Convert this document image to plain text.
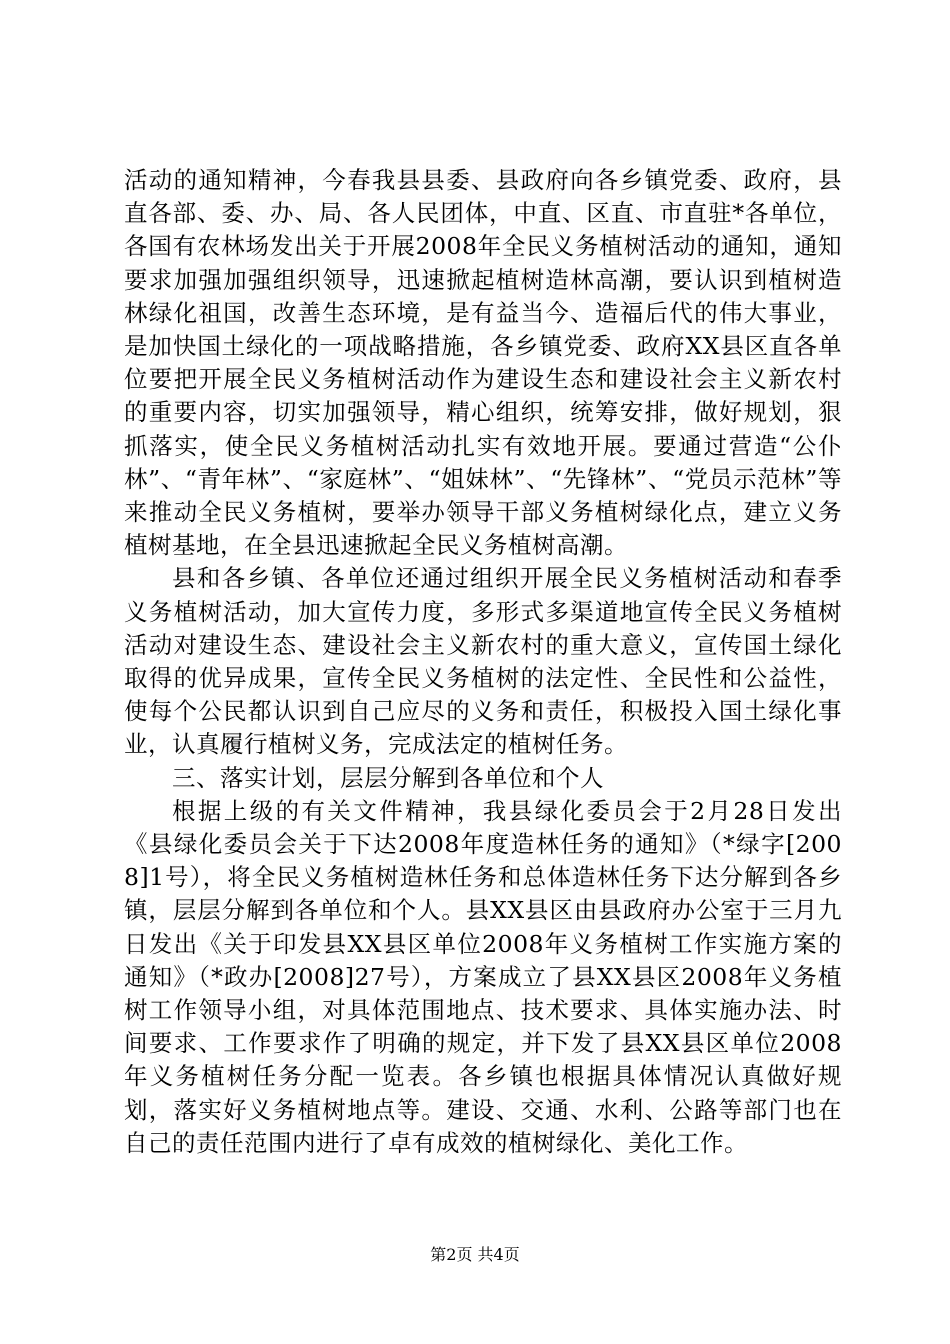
活动的通知精神，今春我县县委、县政府向各乡镇党委、政府，县直各部、委、办、局、各人民团体，中直、区直、市直驻*各单位，各国有农林场发出关于开展2008年全民义务植树活动的通知，通知要求加强加强组织领导，迅速掀起植树造林高潮，要认识到植树造林绿化祖国，改善生态环境，是有益当今、造福后代的伟大事业，是加快国土绿化的一项战略措施，各乡镇党委、政府XX县区直各单位要把开展全民义务植树活动作为建设生态和建设社会主义新农村的重要内容，切实加强领导，精心组织，统筹安排，做好规划，狠抓落实，使全民义务植树活动扎实有效地开展。要通过营造“公仆林”、“青年林”、“家庭林”、“姐妹林”、“先锋林”、“党员示范林”等来推动全民义务植树，要举办领导干部义务植树绿化点，建立义务植树基地，在全县迅速掀起全民义务植树高潮。

县和各乡镇、各单位还通过组织开展全民义务植树活动和春季义务植树活动，加大宣传力度，多形式多渠道地宣传全民义务植树活动对建设生态、建设社会主义新农村的重大意义，宣传国土绿化取得的优异成果，宣传全民义务植树的法定性、全民性和公益性，使每个公民都认识到自己应尽的义务和责任，积极投入国土绿化事业，认真履行植树义务，完成法定的植树任务。

三、落实计划，层层分解到各单位和个人

根据上级的有关文件精神，我县绿化委员会于2月28日发出《县绿化委员会关于下达2008年度造林任务的通知》（*绿字[2008]1号），将全民义务植树造林任务和总体造林任务下达分解到各乡镇，层层分解到各单位和个人。县XX县区由县政府办公室于三月九日发出《关于印发县XX县区单位2008年义务植树工作实施方案的通知》（*政办[2008]27号），方案成立了县XX县区2008年义务植树工作领导小组，对具体范围地点、技术要求、具体实施办法、时间要求、工作要求作了明确的规定，并下发了县XX县区单位2008年义务植树任务分配一览表。各乡镇也根据具体情况认真做好规划，落实好义务植树地点等。建设、交通、水利、公路等部门也在自己的责任范围内进行了卓有成效的植树绿化、美化工作。

第2页 共4页
